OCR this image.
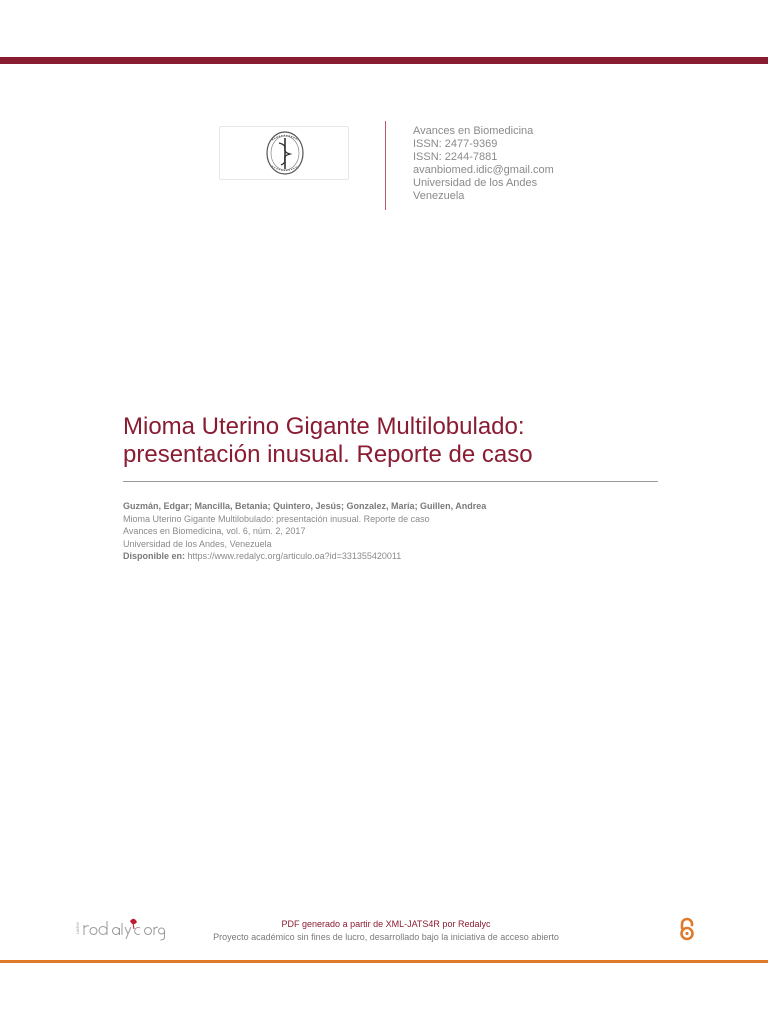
Avances en Biomedicina
ISSN: 2477-9369
ISSN: 2244-7881
avanbiomed.idic@gmail.com
Universidad de los Andes
Venezuela
Mioma Uterino Gigante Multilobulado:
presentación inusual. Reporte de caso
Guzmán, Edgar; Mancilla, Betania; Quintero, Jesús; Gonzalez, María; Guillen, Andrea
Mioma Uterino Gigante Multilobulado: presentación inusual. Reporte de caso
Avances en Biomedicina, vol. 6, núm. 2, 2017
Universidad de los Andes, Venezuela
Disponible en: https://www.redalyc.org/articulo.oa?id=331355420011
UAEM	PDF generado a partir de XML-JATS4R por Redalyc
Proyecto académico sin fines de lucro, desarrollado bajo la iniciativa de acceso abierto
